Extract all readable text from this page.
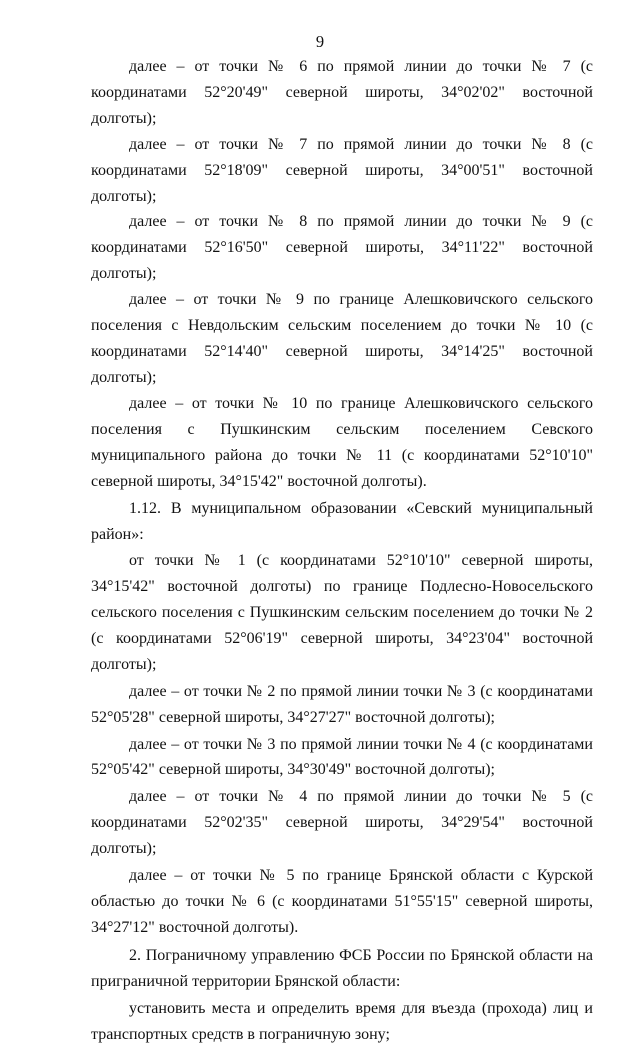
9

далее – от точки № 6 по прямой линии до точки № 7 (с координатами 52°20'49" северной широты, 34°02'02" восточной долготы);

далее – от точки № 7 по прямой линии до точки № 8 (с координатами 52°18'09" северной широты, 34°00'51" восточной долготы);

далее – от точки № 8 по прямой линии до точки № 9 (с координатами 52°16'50" северной широты, 34°11'22" восточной долготы);

далее – от точки № 9 по границе Алешковичского сельского поселения с Невдольским сельским поселением до точки № 10 (с координатами 52°14'40" северной широты, 34°14'25" восточной долготы);

далее – от точки № 10 по границе Алешковичского сельского поселения с Пушкинским сельским поселением Севского муниципального района до точки № 11 (с координатами 52°10'10" северной широты, 34°15'42" восточной долготы).

1.12. В муниципальном образовании «Севский муниципальный район»:

от точки № 1 (с координатами 52°10'10" северной широты, 34°15'42" восточной долготы) по границе Подлесно-Новосельского сельского поселения с Пушкинским сельским поселением до точки № 2 (с координатами 52°06'19" северной широты, 34°23'04" восточной долготы);

далее – от точки № 2 по прямой линии точки № 3 (с координатами 52°05'28" северной широты, 34°27'27" восточной долготы);

далее – от точки № 3 по прямой линии точки № 4 (с координатами 52°05'42" северной широты, 34°30'49" восточной долготы);

далее – от точки № 4 по прямой линии до точки № 5 (с координатами 52°02'35" северной широты, 34°29'54" восточной долготы);

далее – от точки № 5 по границе Брянской области с Курской областью до точки № 6 (с координатами 51°55'15" северной широты, 34°27'12" восточной долготы).

2. Пограничному управлению ФСБ России по Брянской области на приграничной территории Брянской области:

установить места и определить время для въезда (прохода) лиц и транспортных средств в пограничную зону;
